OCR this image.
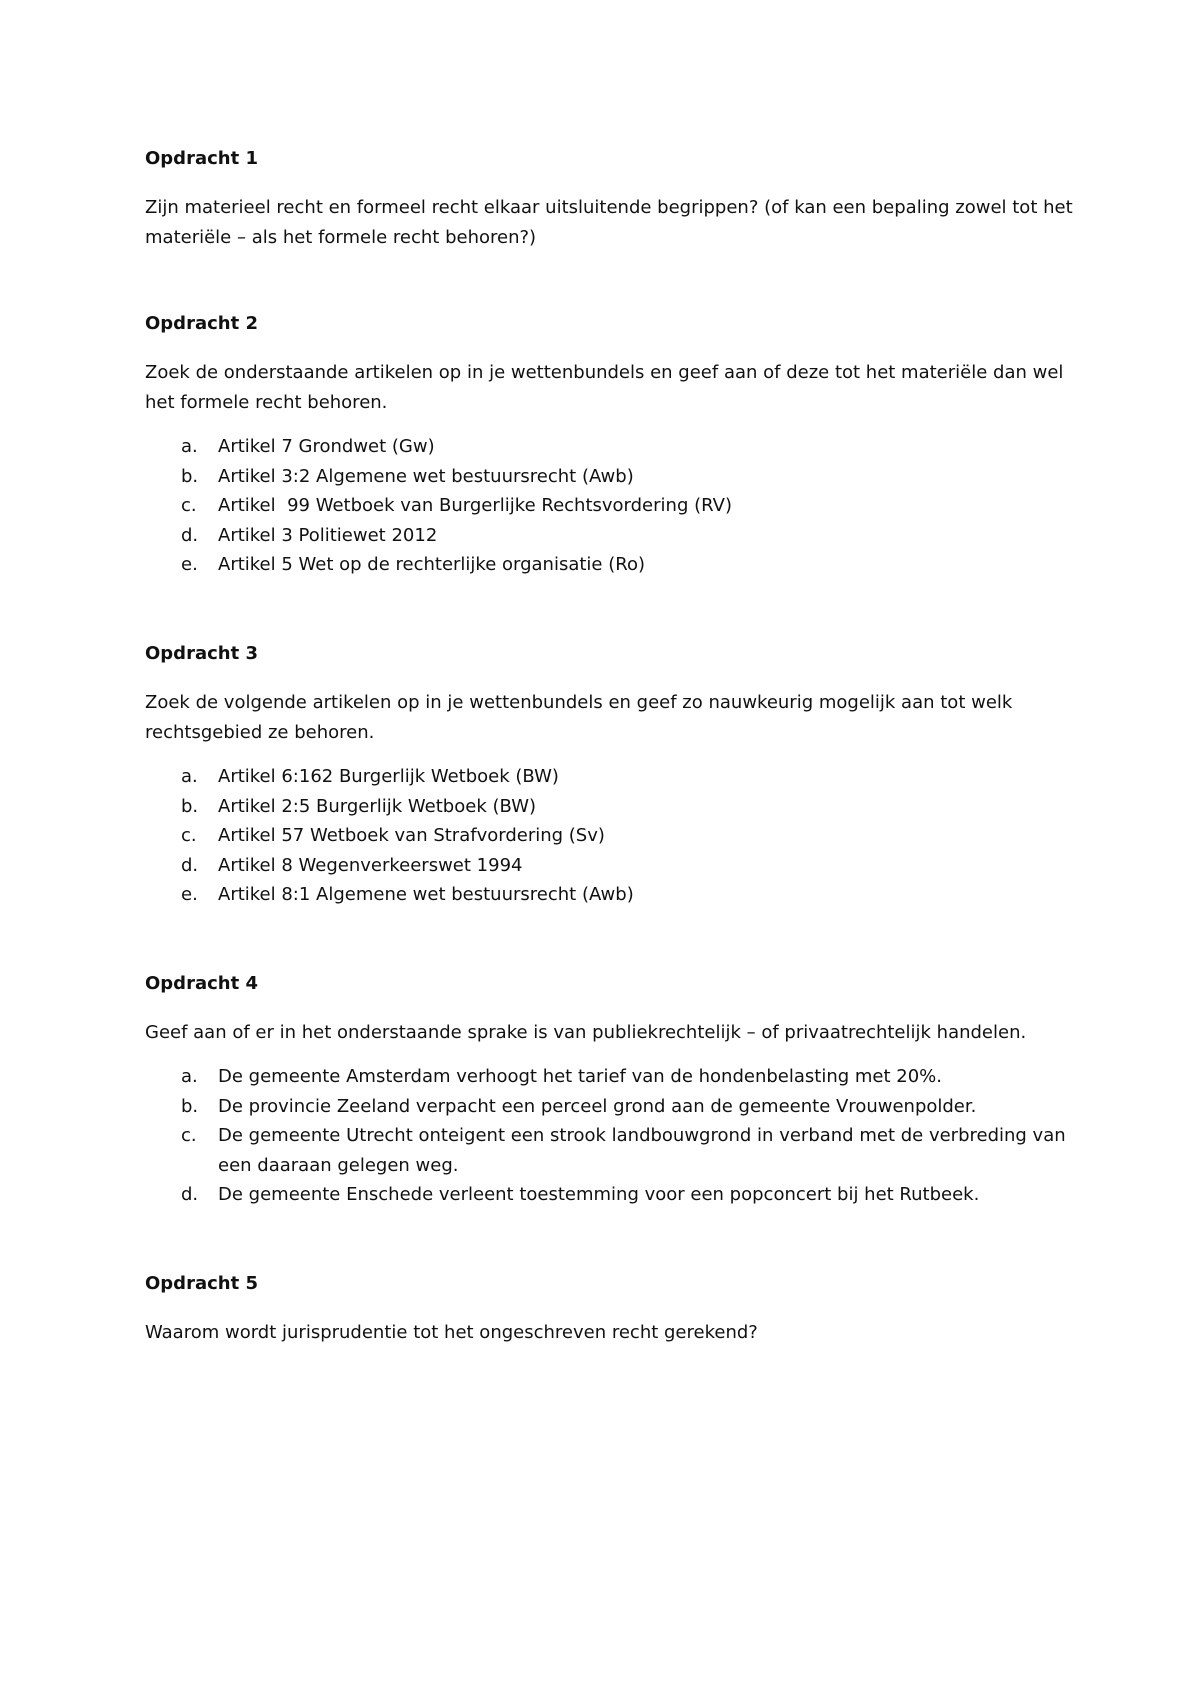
Opdracht 1

Zijn materieel recht en formeel recht elkaar uitsluitende begrippen? (of kan een bepaling zowel tot het materiële – als het formele recht behoren?)

Opdracht 2

Zoek de onderstaande artikelen op in je wettenbundels en geef aan of deze tot het materiële dan wel het formele recht behoren.

a. Artikel 7 Grondwet (Gw)
b. Artikel 3:2 Algemene wet bestuursrecht (Awb)
c. Artikel  99 Wetboek van Burgerlijke Rechtsvordering (RV)
d. Artikel 3 Politiewet 2012
e. Artikel 5 Wet op de rechterlijke organisatie (Ro)
Opdracht 3

Zoek de volgende artikelen op in je wettenbundels en geef zo nauwkeurig mogelijk aan tot welk rechtsgebied ze behoren.

a. Artikel 6:162 Burgerlijk Wetboek (BW)
b. Artikel 2:5 Burgerlijk Wetboek (BW)
c. Artikel 57 Wetboek van Strafvordering (Sv)
d. Artikel 8 Wegenverkeerswet 1994
e. Artikel 8:1 Algemene wet bestuursrecht (Awb)
Opdracht 4

Geef aan of er in het onderstaande sprake is van publiekrechtelijk – of privaatrechtelijk handelen.

a. De gemeente Amsterdam verhoogt het tarief van de hondenbelasting met 20%.
b. De provincie Zeeland verpacht een perceel grond aan de gemeente Vrouwenpolder.
c. De gemeente Utrecht onteigent een strook landbouwgrond in verband met de verbreding van een daaraan gelegen weg.
d. De gemeente Enschede verleent toestemming voor een popconcert bij het Rutbeek.
Opdracht 5

Waarom wordt jurisprudentie tot het ongeschreven recht gerekend?
